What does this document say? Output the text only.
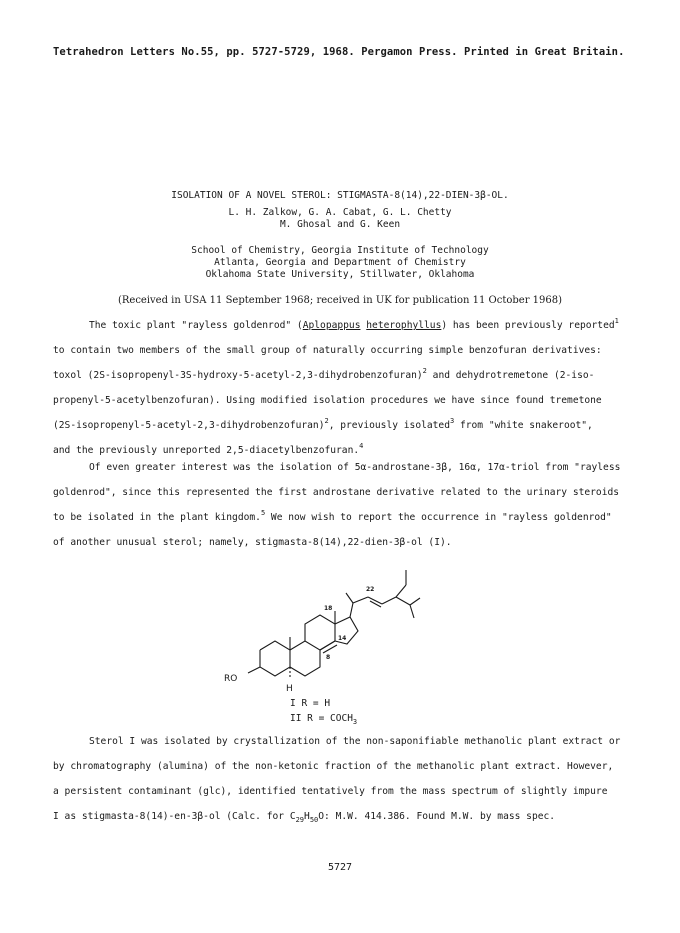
Tetrahedron Letters No.55, pp. 5727-5729, 1968. Pergamon Press. Printed in Great Britain.
ISOLATION OF A NOVEL STEROL: STIGMASTA-8(14),22-DIEN-3β-OL.
L. H. Zalkow, G. A. Cabat, G. L. Chetty
M. Ghosal and G. Keen
School of Chemistry, Georgia Institute of Technology
Atlanta, Georgia and Department of Chemistry
Oklahoma State University, Stillwater, Oklahoma
(Received in USA 11 September 1968; received in UK for publication 11 October 1968)
The toxic plant "rayless goldenrod" (Aplopappus heterophyllus) has been previously reported$^1$
to contain two members of the small group of naturally occurring simple benzofuran derivatives:
toxol (2S-isopropenyl-3S-hydroxy-5-acetyl-2,3-dihydrobenzofuran)$^2$ and dehydrotremetone (2-iso-
propenyl-5-acetylbenzofuran). Using modified isolation procedures we have since found tremetone
(2S-isopropenyl-5-acetyl-2,3-dihydrobenzofuran)$^2$, previously isolated$^3$ from "white snakeroot",
and the previously unreported 2,5-diacetylbenzofuran.$^4$
Of even greater interest was the isolation of 5α-androstane-3β, 16α, 17α-triol from "rayless
goldenrod", since this represented the first androstane derivative related to the urinary steroids
to be isolated in the plant kingdom.$^5$ We now wish to report the occurrence in "rayless goldenrod"
of another unusual sterol; namely, stigmasta-8(14),22-dien-3β-ol (I).
RO
H
22
18
14
8
I R = H
II $R = COCH_3$
Sterol I was isolated by crystallization of the non-saponifiable methanolic plant extract or
by chromatography (alumina) of the non-ketonic fraction of the methanolic plant extract. However,
a persistent contaminant (glc), identified tentatively from the mass spectrum of slightly impure
I as stigmasta-8(14)-en-3β-ol (Calc. for $C_{29}H_{50}O$: M.W. 414.386. Found M.W. by mass spec.
5727
